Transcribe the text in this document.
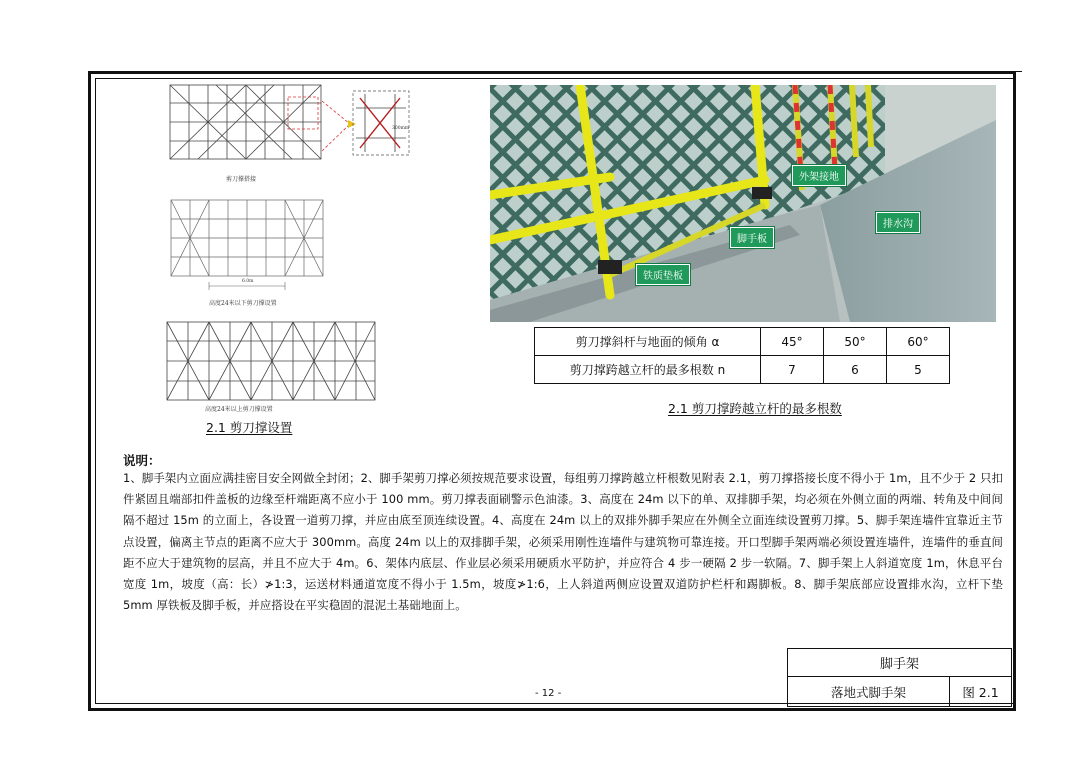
剪刀撑搭接
300mm
6.0m
高度24米以下剪刀撑设置
高度24米以上剪刀撑设置
2.1 剪刀撑设置
外架接地
排水沟
脚手板
铁质垫板
剪刀撑斜杆与地面的倾角 α	45°	50°	60°
剪刀撑跨越立杆的最多根数 n	7	6	5
2.1 剪刀撑跨越立杆的最多根数
说明：
1、脚手架内立面应满挂密目安全网做全封闭；2、脚手架剪刀撑必须按规范要求设置，每组剪刀撑跨越立杆根数见附表 2.1，剪刀撑搭接长度不得小于 1m，且不少于 2 只扣件紧固且端部扣件盖板的边缘至杆端距离不应小于 100 mm。剪刀撑表面刷警示色油漆。3、高度在 24m 以下的单、双排脚手架，均必须在外侧立面的两端、转角及中间间隔不超过 15m 的立面上，各设置一道剪刀撑，并应由底至顶连续设置。4、高度在 24m 以上的双排外脚手架应在外侧全立面连续设置剪刀撑。5、脚手架连墙件宜靠近主节点设置，偏离主节点的距离不应大于 300mm。高度 24m 以上的双排脚手架，必须采用刚性连墙件与建筑物可靠连接。开口型脚手架两端必须设置连墙件，连墙件的垂直间距不应大于建筑物的层高，并且不应大于 4m。6、架体内底层、作业层必须采用硬质水平防护，并应符合 4 步一硬隔 2 步一软隔。7、脚手架上人斜道宽度 1m，休息平台宽度 1m，坡度（高：长）≯1:3，运送材料通道宽度不得小于 1.5m，坡度≯1:6，上人斜道两侧应设置双道防护栏杆和踢脚板。8、脚手架底部应设置排水沟，立杆下垫 5mm 厚铁板及脚手板，并应搭设在平实稳固的混泥土基础地面上。
脚手架
落地式脚手架	图 2.1
- 12 -
